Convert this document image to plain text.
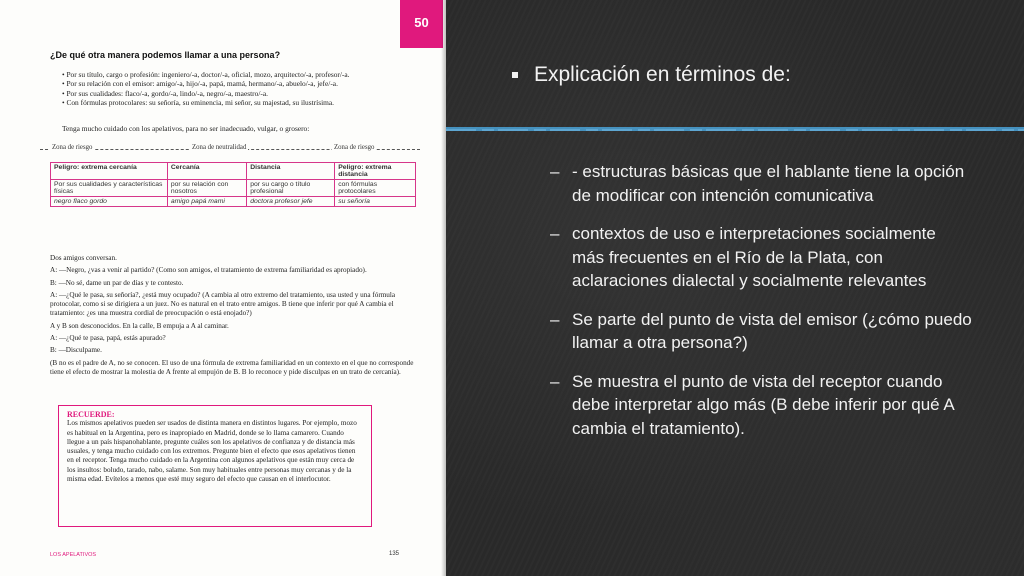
50
¿De qué otra manera podemos llamar a una persona?
• Por su título, cargo o profesión: ingeniero/-a, doctor/-a, oficial, mozo, arquitecto/-a, profesor/-a.
• Por su relación con el emisor: amigo/-a, hijo/-a, papá, mamá, hermano/-a, abuelo/-a, jefe/-a.
• Por sus cualidades: flaco/-a, gordo/-a, lindo/-a, negro/-a, maestro/-a.
• Con fórmulas protocolares: su señoría, su eminencia, mi señor, su majestad, su ilustrísima.
Tenga mucho cuidado con los apelativos, para no ser inadecuado, vulgar, o grosero:
Zona de riesgo	Zona de neutralidad	Zona de riesgo
Peligro: extrema cercanía	Cercanía	Distancia	Peligro: extrema distancia
Por sus cualidades y características físicas	por su relación con nosotros	por su cargo o título profesional	con fórmulas protocolares
negro flaco gordo	amigo papá mami	doctora profesor jefe	su señoría

Dos amigos conversan.

A: —Negro, ¿vas a venir al partido? (Como son amigos, el tratamiento de extrema familiaridad es apropiado).

B: —No sé, dame un par de días y te contesto.

A: —¿Qué le pasa, su señoría?, ¿está muy ocupado? (A cambia al otro extremo del tratamiento, usa usted y una fórmula protocolar, como si se dirigiera a un juez. No es natural en el trato entre amigos. B tiene que inferir por qué A cambia el tratamiento: ¿es una muestra cordial de preocupación o está enojado?)

A y B son desconocidos. En la calle, B empuja a A al caminar.

A: —¿Qué te pasa, papá, estás apurado?

B: —Disculpame.

(B no es el padre de A, no se conocen. El uso de una fórmula de extrema familiaridad en un contexto en el que no corresponde tiene el efecto de mostrar la molestia de A frente al empujón de B. B lo reconoce y pide disculpas en un trato de cercanía).

RECUERDE:
Los mismos apelativos pueden ser usados de distinta manera en distintos lugares. Por ejemplo, mozo es habitual en la Argentina, pero es inapropiado en Madrid, donde se lo llama camarero. Cuando llegue a un país hispanohablante, pregunte cuáles son los apelativos de confianza y de distancia más usuales, y tenga mucho cuidado con los extremos. Pregunte bien el efecto que esos apelativos tienen en el receptor. Tenga mucho cuidado en la Argentina con algunos apelativos que están muy cerca de los insultos: boludo, tarado, nabo, salame. Son muy habituales entre personas muy cercanas y de la misma edad. Evítelos a menos que esté muy seguro del efecto que causan en el interlocutor.
LOS APELATIVOS	135
Explicación en términos de:
– - estructuras básicas que el hablante tiene la opción de modificar con intención comunicativa
– contextos de uso e interpretaciones socialmente más frecuentes en el Río de la Plata, con aclaraciones dialectal y socialmente relevantes
– Se parte del punto de vista del emisor (¿cómo puedo llamar a otra persona?)
– Se muestra el punto de vista del receptor cuando debe interpretar algo más (B debe inferir por qué A cambia el tratamiento).
